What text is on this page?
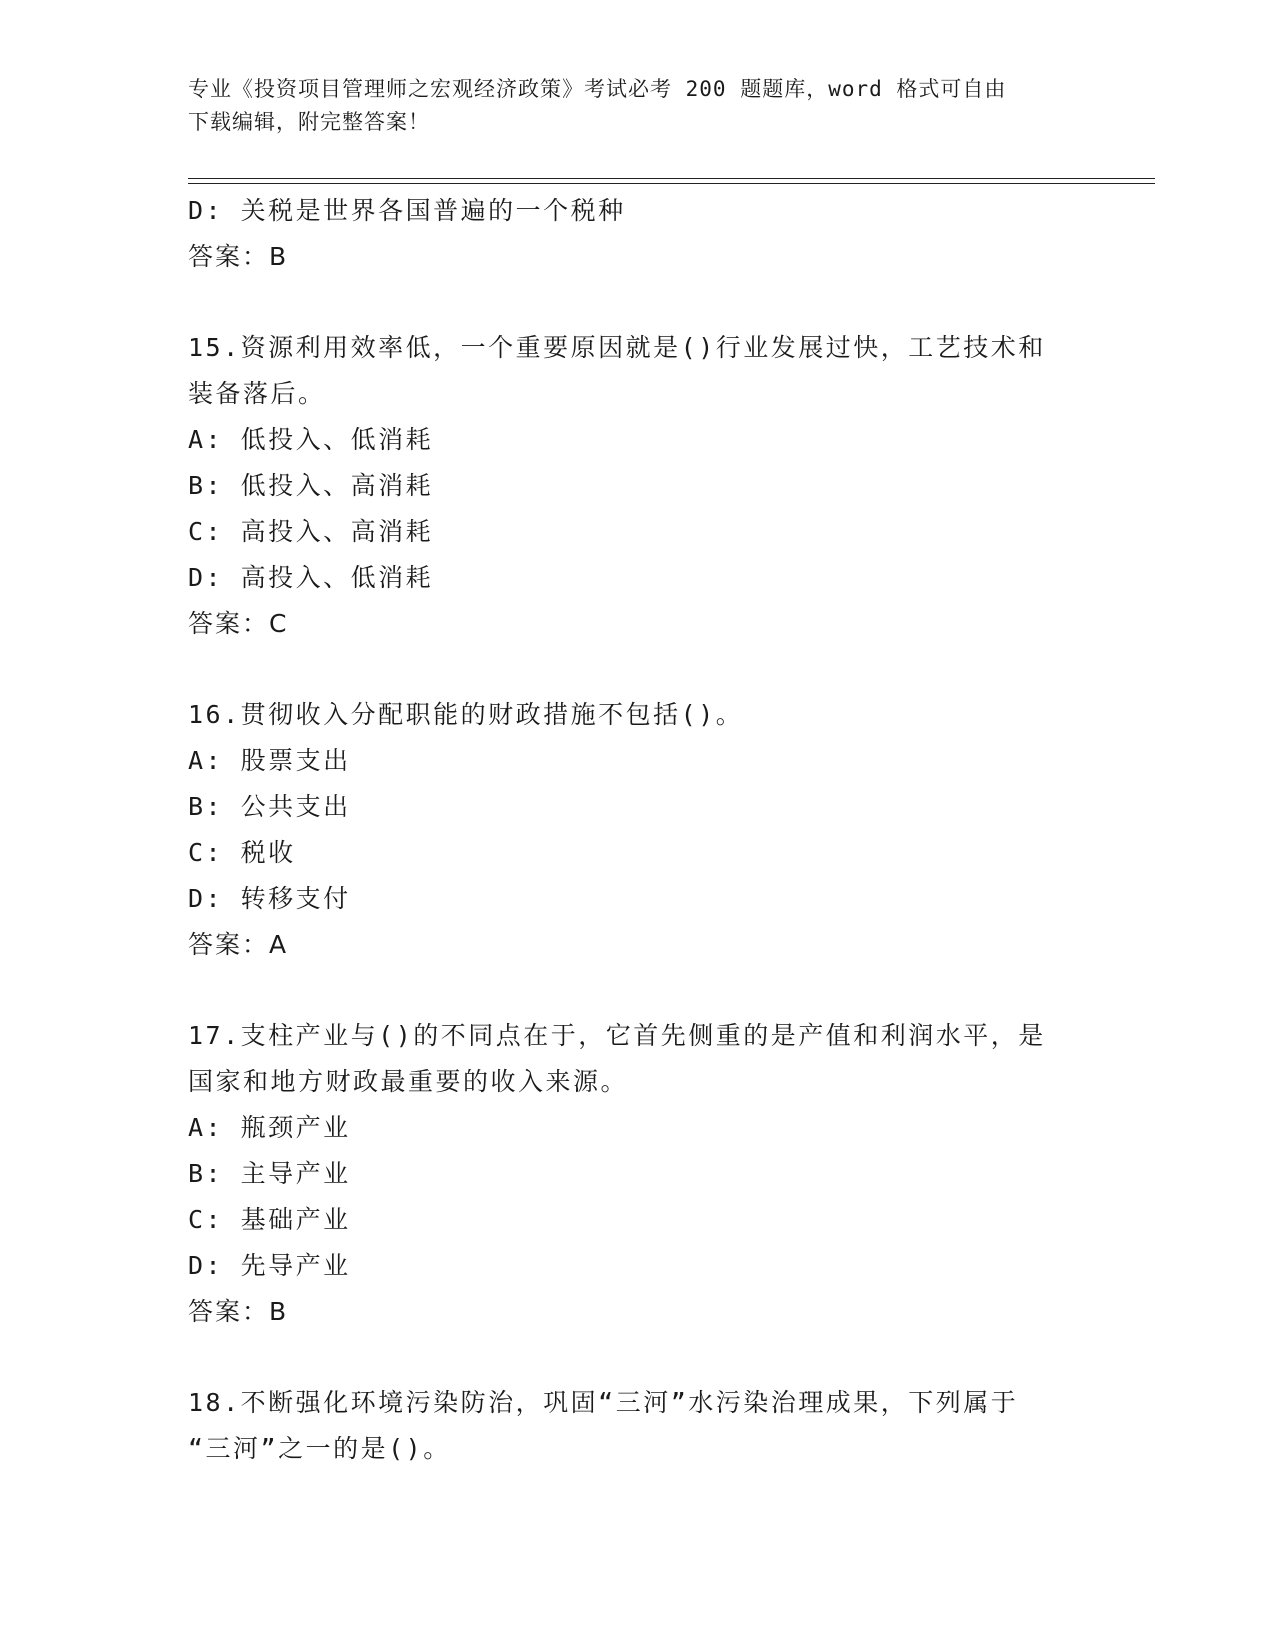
专业《投资项目管理师之宏观经济政策》考试必考 200 题题库，word 格式可自由
下载编辑，附完整答案！
D: 关税是世界各国普遍的一个税种
答案：B
15.资源利用效率低，一个重要原因就是()行业发展过快，工艺技术和
装备落后。
A: 低投入、低消耗
B: 低投入、高消耗
C: 高投入、高消耗
D: 高投入、低消耗
答案：C
16.贯彻收入分配职能的财政措施不包括()。
A: 股票支出
B: 公共支出
C: 税收
D: 转移支付
答案：A
17.支柱产业与()的不同点在于，它首先侧重的是产值和利润水平，是
国家和地方财政最重要的收入来源。
A: 瓶颈产业
B: 主导产业
C: 基础产业
D: 先导产业
答案：B
18.不断强化环境污染防治，巩固“三河”水污染治理成果，下列属于
“三河”之一的是()。
